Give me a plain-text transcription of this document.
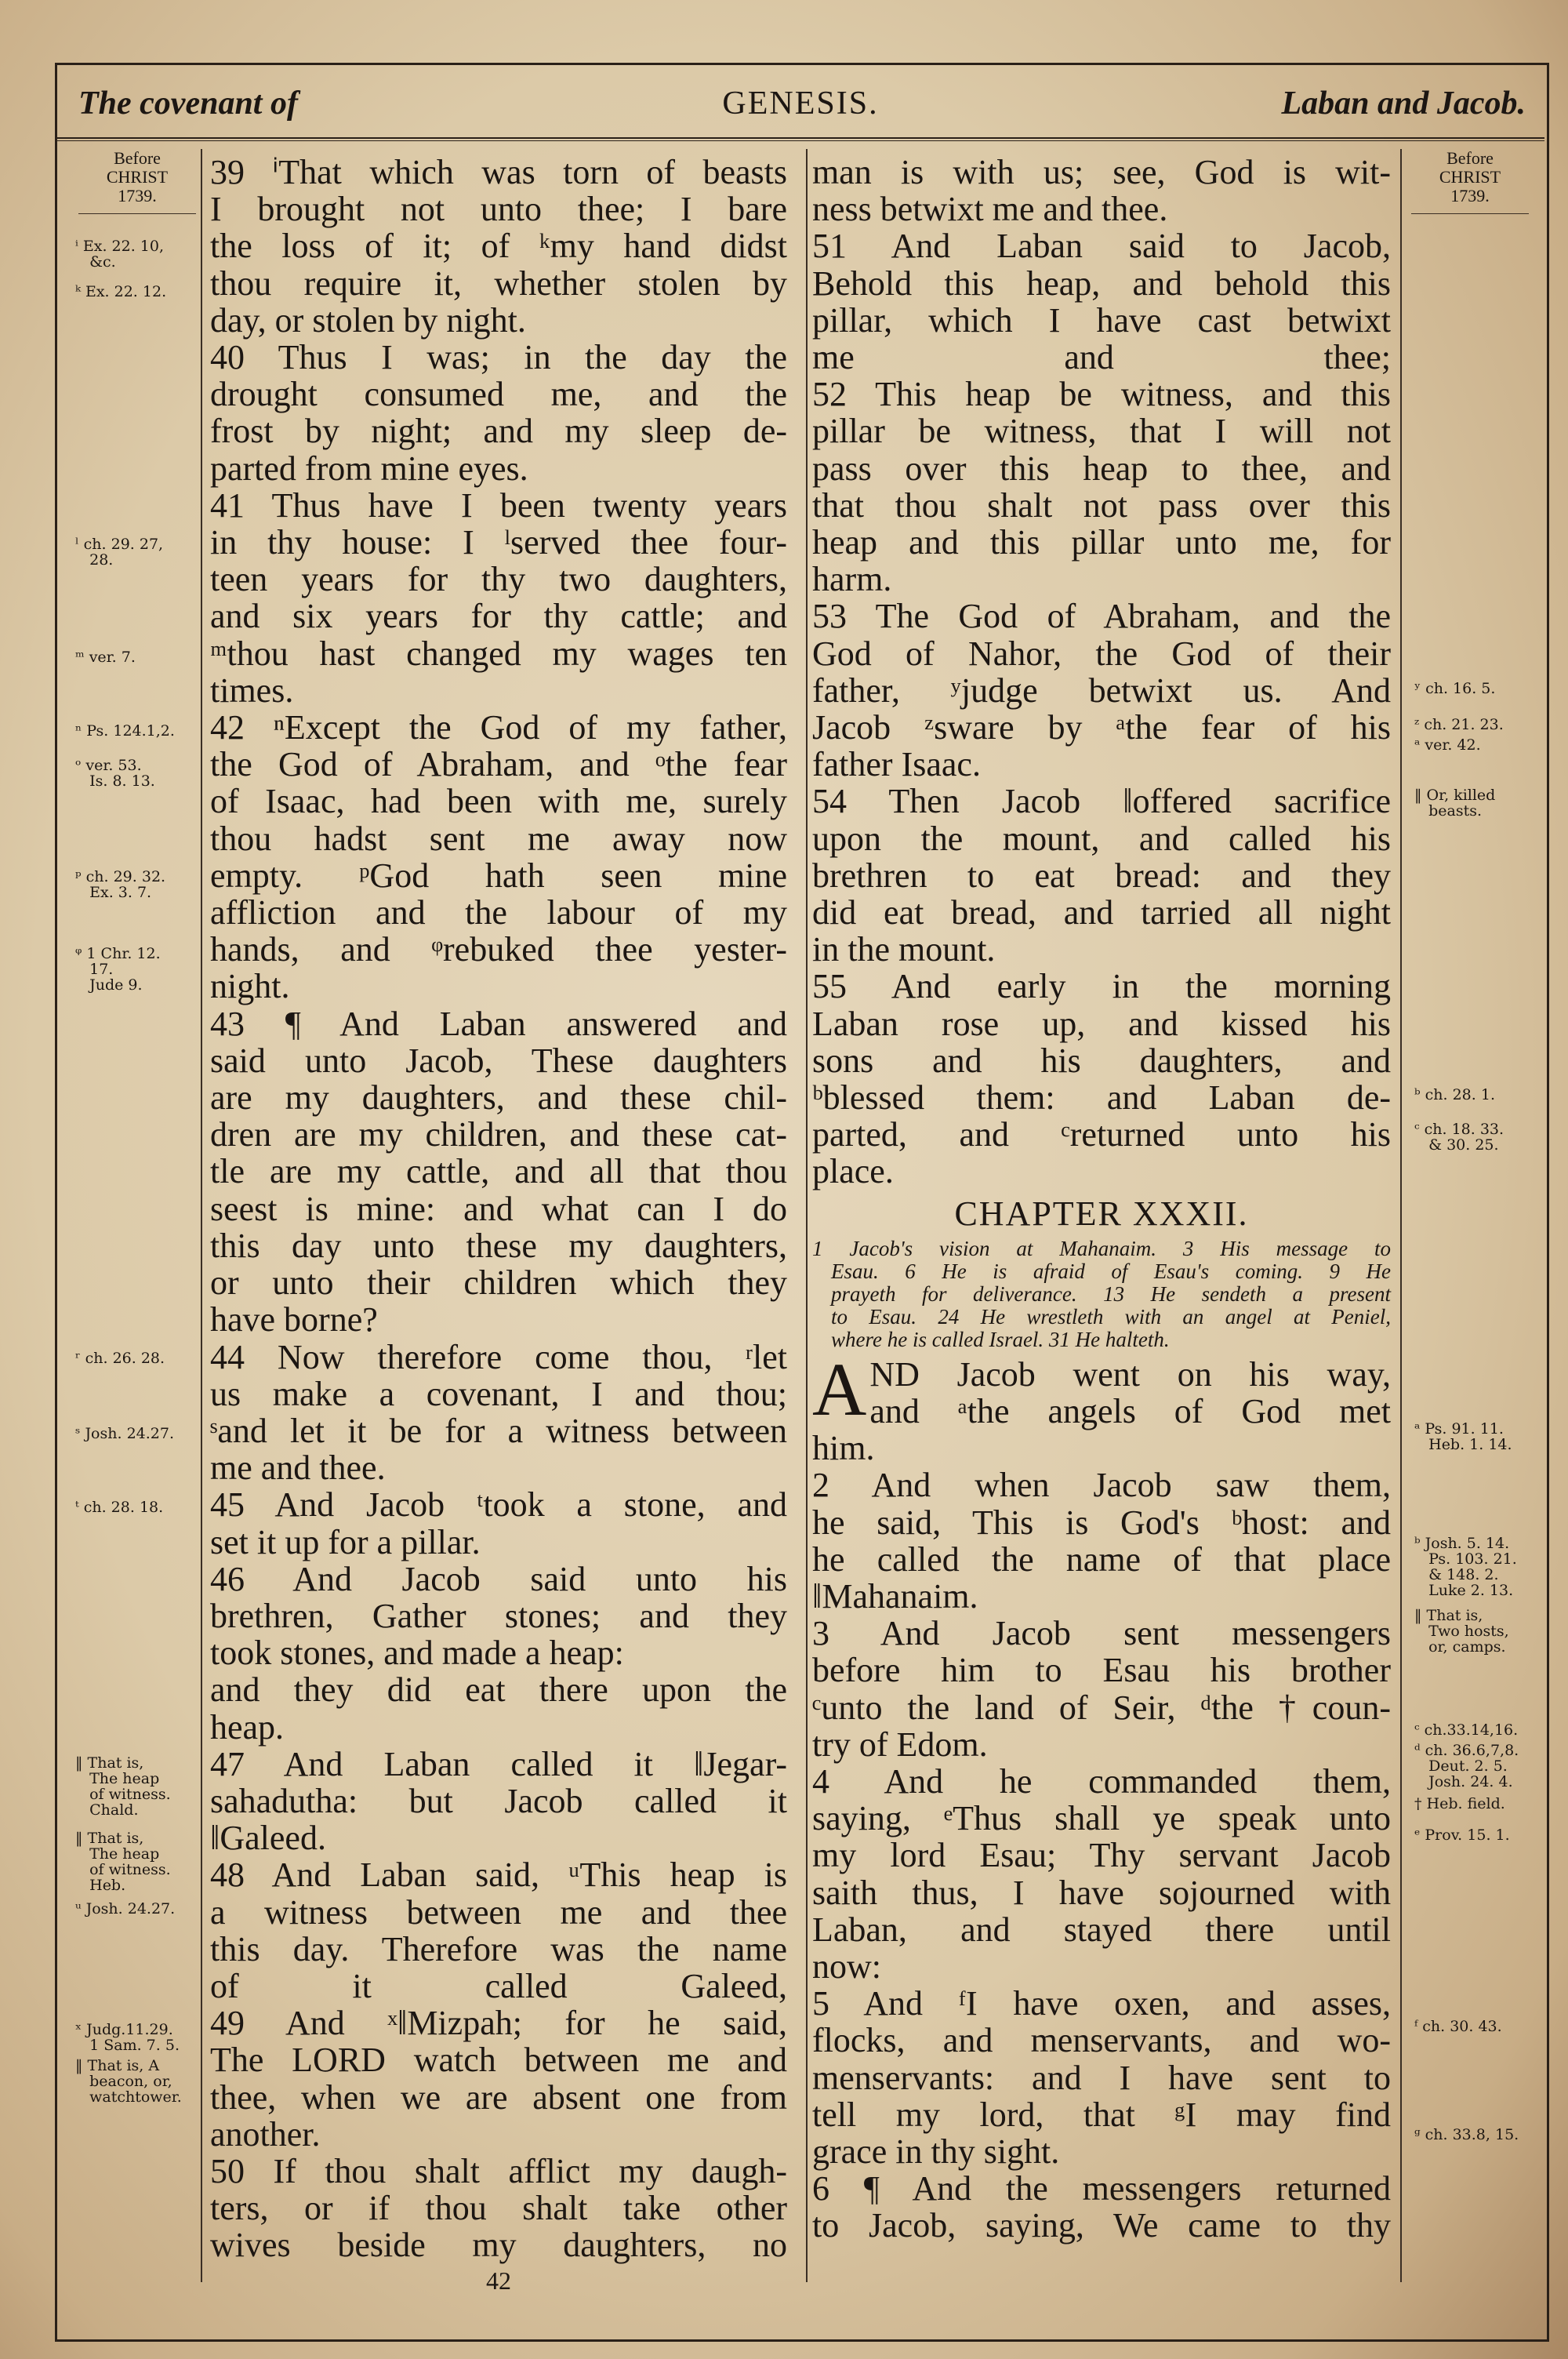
The covenant of	GENESIS.	Laban and Jacob.
Before
CHRIST
1739.
ⁱ Ex. 22. 10,
&c.
ᵏ Ex. 22. 12.
ˡ ch. 29. 27,
28.
ᵐ ver. 7.
ⁿ Ps. 124.1,2.
ᵒ ver. 53.
Is. 8. 13.
ᵖ ch. 29. 32.
Ex. 3. 7.
ᵠ 1 Chr. 12.
17.
Jude 9.
ʳ ch. 26. 28.
ˢ Josh. 24.27.
ᵗ ch. 28. 18.
‖ That is,
The heap
of witness.
Chald.
‖ That is,
The heap
of witness.
Heb.
ᵘ Josh. 24.27.
ˣ Judg.11.29.
1 Sam. 7. 5.
‖ That is, A
beacon, or,
watchtower.
Before
CHRIST
1739.
ʸ ch. 16. 5.
ᶻ ch. 21. 23.
ᵃ ver. 42.
‖ Or, killed
beasts.
ᵇ ch. 28. 1.
ᶜ ch. 18. 33.
& 30. 25.
ᵃ Ps. 91. 11.
Heb. 1. 14.
ᵇ Josh. 5. 14.
Ps. 103. 21.
& 148. 2.
Luke 2. 13.
‖ That is,
Two hosts,
or, camps.
ᶜ ch.33.14,16.
ᵈ ch. 36.6,7,8.
Deut. 2. 5.
Josh. 24. 4.
† Heb. field.
ᵉ Prov. 15. 1.
ᶠ ch. 30. 43.
ᵍ ch. 33.8, 15.
39 ⁱThat which was torn of beasts
I brought not unto thee; I bare
the loss of it; of ᵏmy hand didst
thou require it, whether stolen by
day, or stolen by night.
40 Thus I was; in the day the
drought consumed me, and the
frost by night; and my sleep de-
parted from mine eyes.
41 Thus have I been twenty years
in thy house: I ˡserved thee four-
teen years for thy two daughters,
and six years for thy cattle; and
ᵐthou hast changed my wages ten
times.
42 ⁿExcept the God of my father,
the God of Abraham, and ᵒthe fear
of Isaac, had been with me, surely
thou hadst sent me away now
empty. ᵖGod hath seen mine
affliction and the labour of my
hands, and ᵠrebuked thee yester-
night.
43 ¶ And Laban answered and
said unto Jacob, These daughters
are my daughters, and these chil-
dren are my children, and these cat-
tle are my cattle, and all that thou
seest is mine: and what can I do
this day unto these my daughters,
or unto their children which they
have borne?
44 Now therefore come thou, ʳlet
us make a covenant, I and thou;
ˢand let it be for a witness between
me and thee.
45 And Jacob ᵗtook a stone, and
set it up for a pillar.
46 And Jacob said unto his
brethren, Gather stones; and they
took stones, and made a heap:
and they did eat there upon the
heap.
47 And Laban called it ‖Jegar-
sahadutha: but Jacob called it
‖Galeed.
48 And Laban said, ᵘThis heap is
a witness between me and thee
this day. Therefore was the name
of it called Galeed,
49 And ˣ‖Mizpah; for he said,
The LORD watch between me and
thee, when we are absent one from
another.
50 If thou shalt afflict my daugh-
ters, or if thou shalt take other
wives beside my daughters, no
man is with us; see, God is wit-
ness betwixt me and thee.
51 And Laban said to Jacob,
Behold this heap, and behold this
pillar, which I have cast betwixt
me and thee;
52 This heap be witness, and this
pillar be witness, that I will not
pass over this heap to thee, and
that thou shalt not pass over this
heap and this pillar unto me, for
harm.
53 The God of Abraham, and the
God of Nahor, the God of their
father, ʸjudge betwixt us. And
Jacob ᶻsware by ᵃthe fear of his
father Isaac.
54 Then Jacob ‖offered sacrifice
upon the mount, and called his
brethren to eat bread: and they
did eat bread, and tarried all night
in the mount.
55 And early in the morning
Laban rose up, and kissed his
sons and his daughters, and
ᵇblessed them: and Laban de-
parted, and ᶜreturned unto his
place.
CHAPTER XXXII.
1 Jacob's vision at Mahanaim. 3 His message to
Esau. 6 He is afraid of Esau's coming. 9 He
prayeth for deliverance. 13 He sendeth a present
to Esau. 24 He wrestleth with an angel at Peniel,
where he is called Israel. 31 He halteth.
A ND Jacob went on his way,
and ᵃthe angels of God met
him.
2 And when Jacob saw them,
he said, This is God's ᵇhost: and
he called the name of that place
‖Mahanaim.
3 And Jacob sent messengers
before him to Esau his brother
ᶜunto the land of Seir, ᵈthe †coun-
try of Edom.
4 And he commanded them,
saying, ᵉThus shall ye speak unto
my lord Esau; Thy servant Jacob
saith thus, I have sojourned with
Laban, and stayed there until
now:
5 And ᶠI have oxen, and asses,
flocks, and menservants, and wo-
menservants: and I have sent to
tell my lord, that ᵍI may find
grace in thy sight.
6 ¶ And the messengers returned
to Jacob, saying, We came to thy
42
